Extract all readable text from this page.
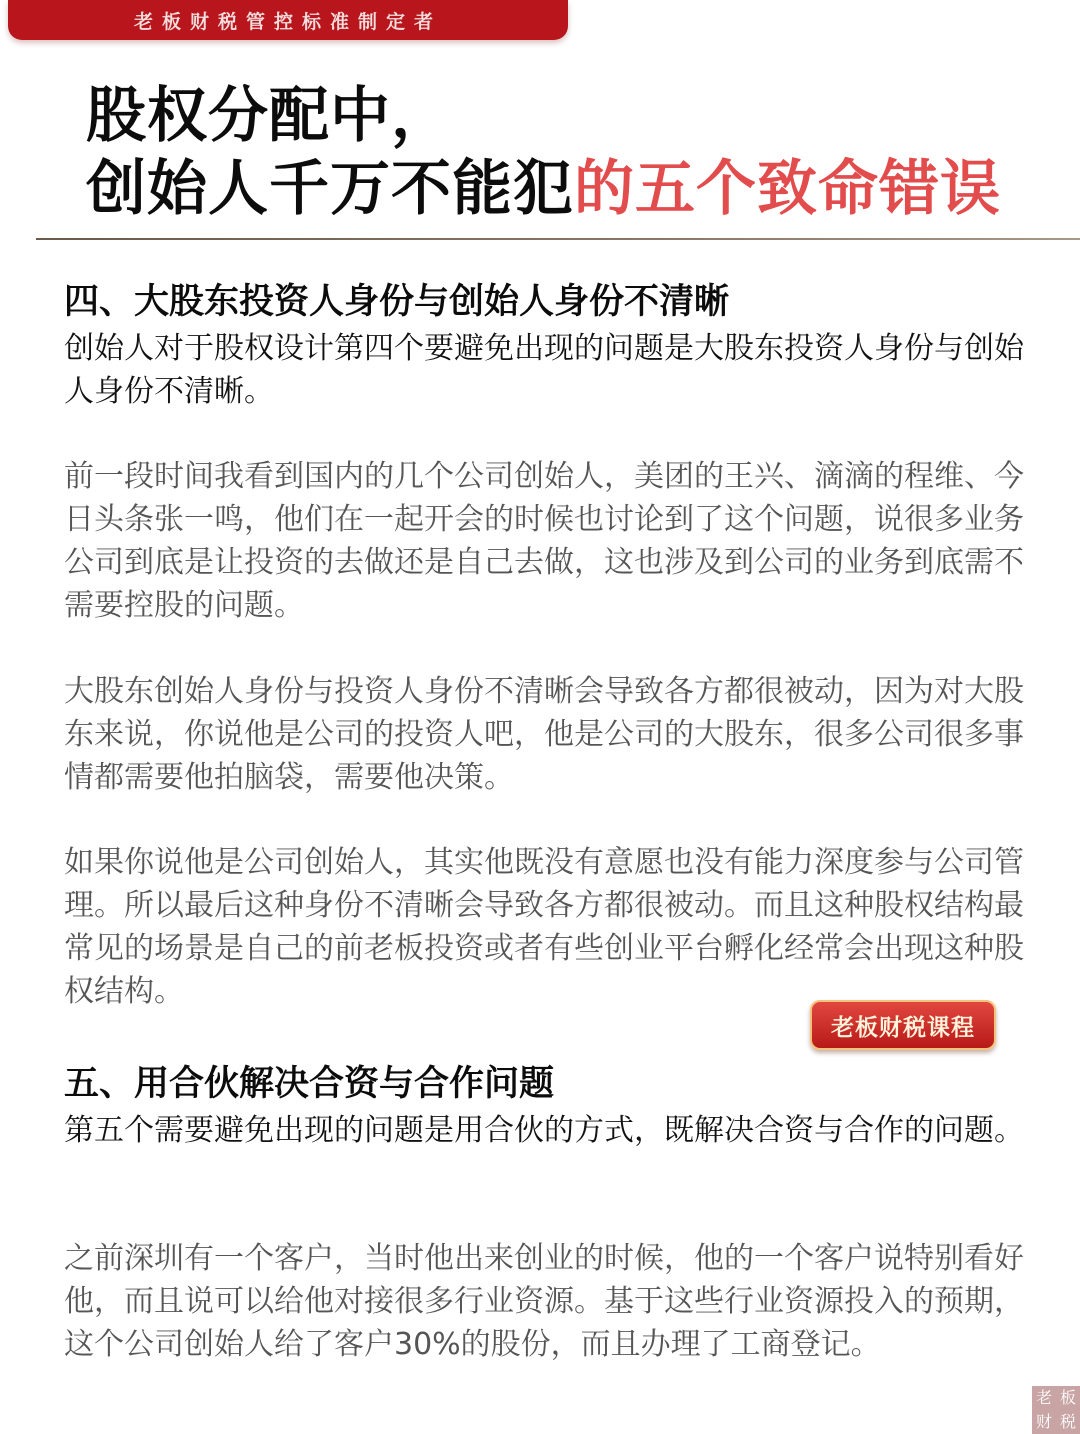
老板财税管控标准制定者
股权分配中，
创始人千万不能犯的五个致命错误
四、大股东投资人身份与创始人身份不清晰
创始人对于股权设计第四个要避免出现的问题是大股东投资人身份与创始人身份不清晰。
前一段时间我看到国内的几个公司创始人，美团的王兴、滴滴的程维、今日头条张一鸣，他们在一起开会的时候也讨论到了这个问题，说很多业务公司到底是让投资的去做还是自己去做，这也涉及到公司的业务到底需不需要控股的问题。
大股东创始人身份与投资人身份不清晰会导致各方都很被动，因为对大股东来说，你说他是公司的投资人吧，他是公司的大股东，很多公司很多事情都需要他拍脑袋，需要他决策。
如果你说他是公司创始人，其实他既没有意愿也没有能力深度参与公司管理。所以最后这种身份不清晰会导致各方都很被动。而且这种股权结构最常见的场景是自己的前老板投资或者有些创业平台孵化经常会出现这种股权结构。
老板财税课程
五、用合伙解决合资与合作问题
第五个需要避免出现的问题是用合伙的方式，既解决合资与合作的问题。
之前深圳有一个客户，当时他出来创业的时候，他的一个客户说特别看好他，而且说可以给他对接很多行业资源。基于这些行业资源投入的预期，这个公司创始人给了客户30%的股份，而且办理了工商登记。
老 板
财 税
